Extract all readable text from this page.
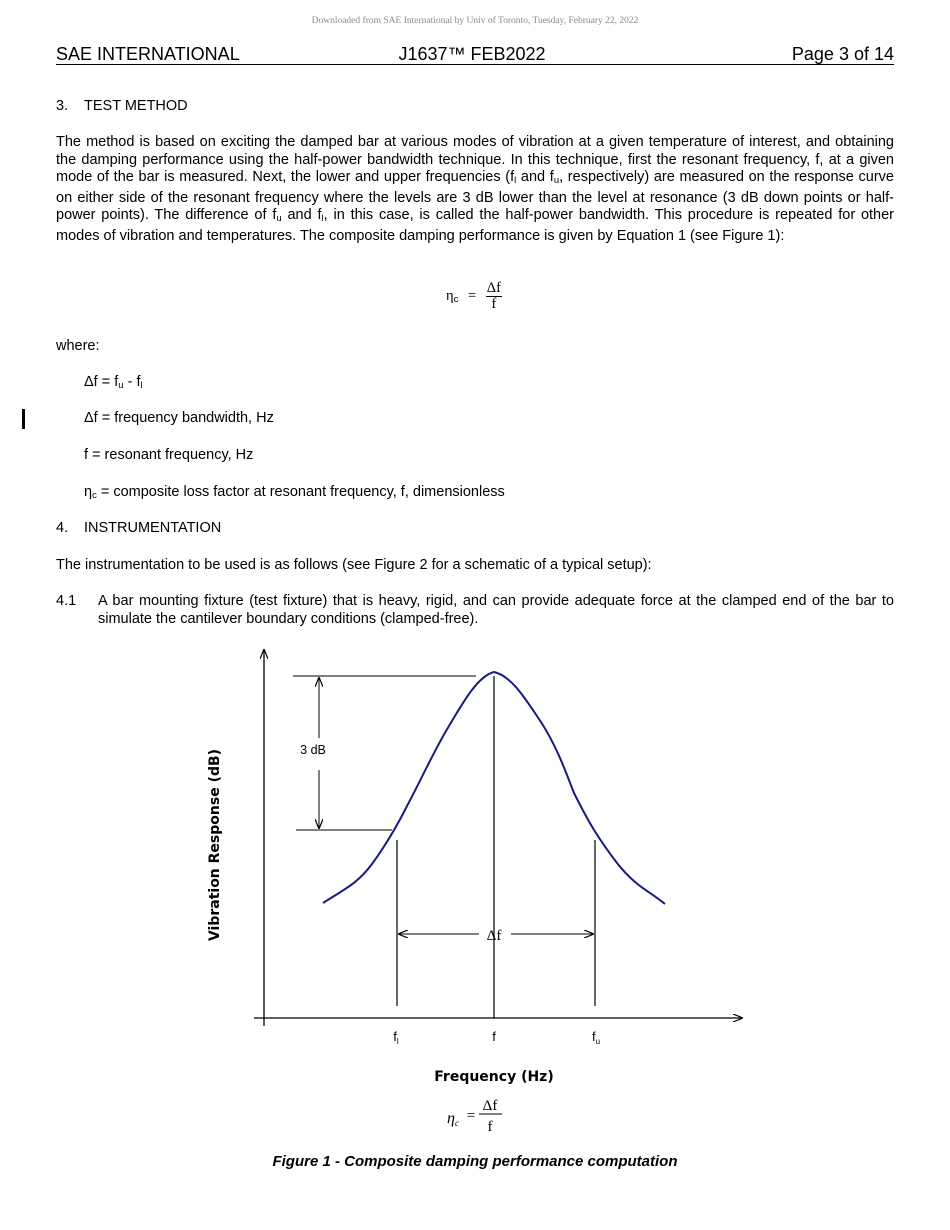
Downloaded from SAE International by Univ of Toronto, Tuesday, February 22, 2022
SAE INTERNATIONAL	J1637™ FEB2022	Page 3 of 14
3. TEST METHOD
The method is based on exciting the damped bar at various modes of vibration at a given temperature of interest, and obtaining the damping performance using the half-power bandwidth technique. In this technique, first the resonant frequency, f, at a given mode of the bar is measured. Next, the lower and upper frequencies ($f_l$ and $f_u$, respectively) are measured on the response curve on either side of the resonant frequency where the levels are 3 dB lower than the level at resonance (3 dB down points or half-power points). The difference of $f_u$ and $f_l$, in this case, is called the half-power bandwidth. This procedure is repeated for other modes of vibration and temperatures. The composite damping performance is given by Equation 1 (see Figure 1):
$\eta_c = \frac{\Delta f}{f}$
where:
$\Delta f = f_u - f_l$
Δf = frequency bandwidth, Hz
f = resonant frequency, Hz
$\eta_c$ = composite loss factor at resonant frequency, f, dimensionless
4. INSTRUMENTATION
The instrumentation to be used is as follows (see Figure 2 for a schematic of a typical setup):
4.1 A bar mounting fixture (test fixture) that is heavy, rigid, and can provide adequate force at the clamped end of the bar to simulate the cantilever boundary conditions (clamped-free).
3 dB
Δf
$f_l$	f	$f_u$
Vibration Response (dB)
Frequency (Hz)
ηc =
Δf
f
Figure 1 - Composite damping performance computation
